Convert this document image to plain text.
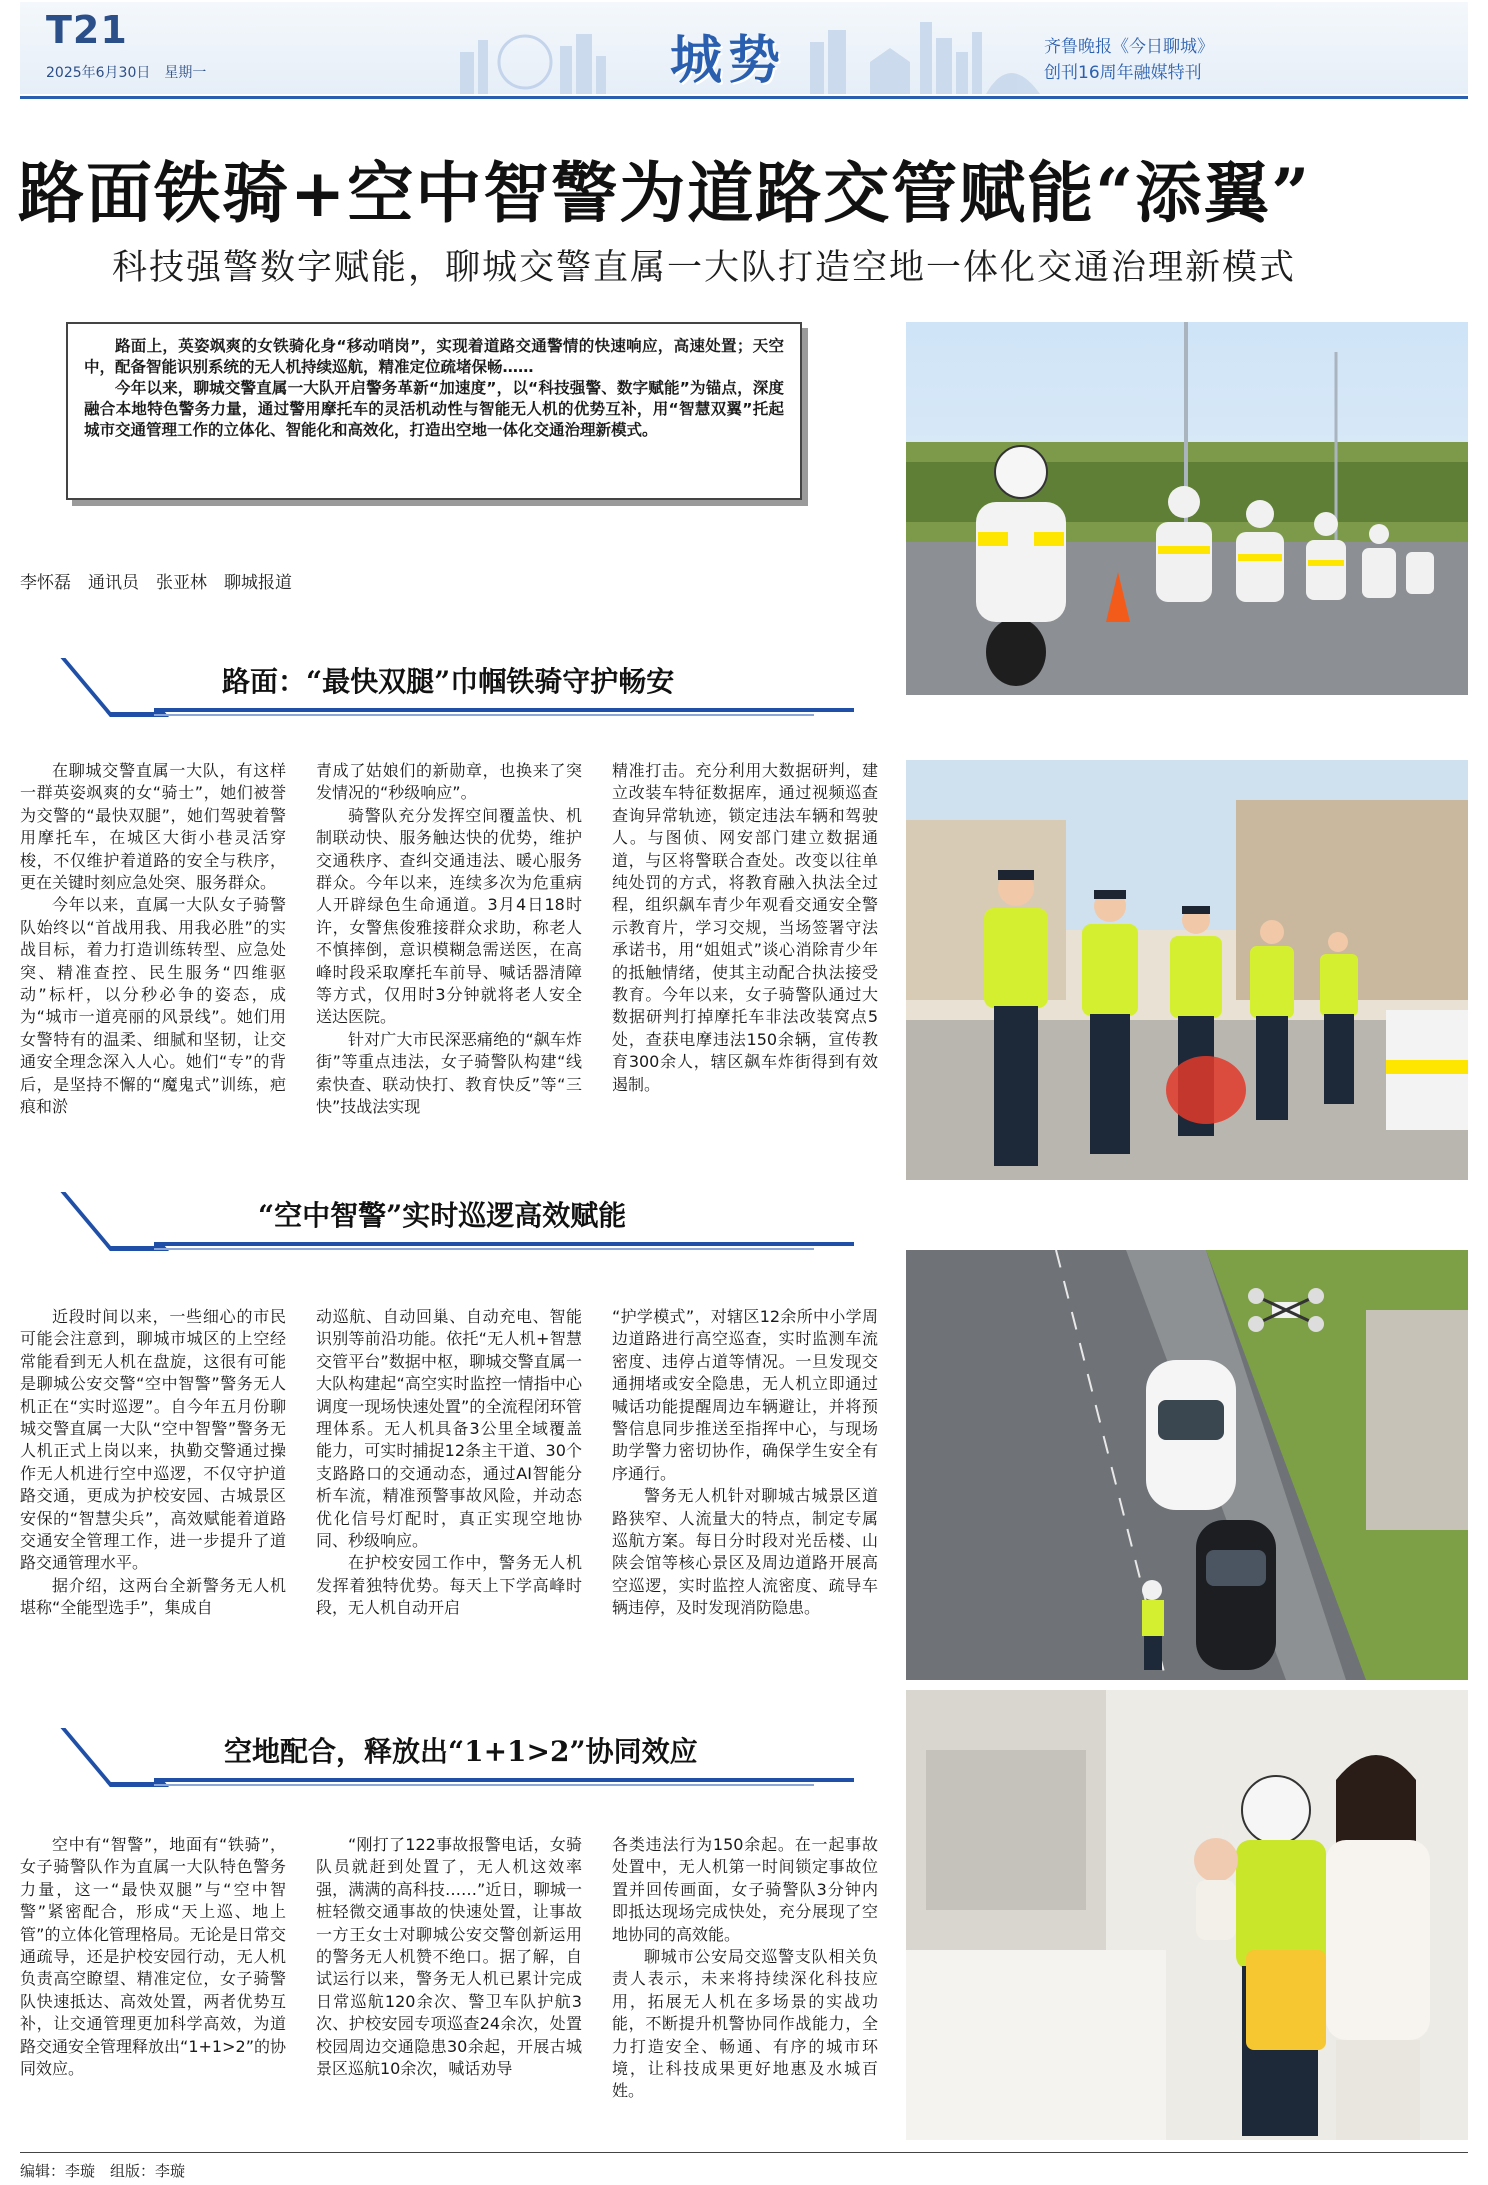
T21
2025年6月30日　星期一	城势	齐鲁晚报《今日聊城》
创刊16周年融媒特刊
路面铁骑+空中智警为道路交管赋能“添翼”
科技强警数字赋能，聊城交警直属一大队打造空地一体化交通治理新模式

路面上，英姿飒爽的女铁骑化身“移动哨岗”，实现着道路交通警情的快速响应，高速处置；天空中，配备智能识别系统的无人机持续巡航，精准定位疏堵保畅……

今年以来，聊城交警直属一大队开启警务革新“加速度”，以“科技强警、数字赋能”为锚点，深度融合本地特色警务力量，通过警用摩托车的灵活机动性与智能无人机的优势互补，用“智慧双翼”托起城市交通管理工作的立体化、智能化和高效化，打造出空地一体化交通治理新模式。

李怀磊　通讯员　张亚林　聊城报道
路面：“最快双腿”巾帼铁骑守护畅安

在聊城交警直属一大队，有这样一群英姿飒爽的女“骑士”，她们被誉为交警的“最快双腿”，她们驾驶着警用摩托车，在城区大街小巷灵活穿梭，不仅维护着道路的安全与秩序，更在关键时刻应急处突、服务群众。

今年以来，直属一大队女子骑警队始终以“首战用我、用我必胜”的实战目标，着力打造训练转型、应急处突、精准查控、民生服务“四维驱动”标杆，以分秒必争的姿态，成为“城市一道亮丽的风景线”。她们用女警特有的温柔、细腻和坚韧，让交通安全理念深入人心。她们“专”的背后，是坚持不懈的“魔鬼式”训练，疤痕和淤

青成了姑娘们的新勋章，也换来了突发情况的“秒级响应”。

骑警队充分发挥空间覆盖快、机制联动快、服务触达快的优势，维护交通秩序、查纠交通违法、暖心服务群众。今年以来，连续多次为危重病人开辟绿色生命通道。3月4日18时许，女警焦俊雅接群众求助，称老人不慎摔倒，意识模糊急需送医，在高峰时段采取摩托车前导、喊话器清障等方式，仅用时3分钟就将老人安全送达医院。

针对广大市民深恶痛绝的“飙车炸街”等重点违法，女子骑警队构建“线索快查、联动快打、教育快反”等“三快”技战法实现

精准打击。充分利用大数据研判，建立改装车特征数据库，通过视频巡查查询异常轨迹，锁定违法车辆和驾驶人。与图侦、网安部门建立数据通道，与区将警联合查处。改变以往单纯处罚的方式，将教育融入执法全过程，组织飙车青少年观看交通安全警示教育片，学习交规，当场签署守法承诺书，用“姐姐式”谈心消除青少年的抵触情绪，使其主动配合执法接受教育。今年以来，女子骑警队通过大数据研判打掉摩托车非法改装窝点5处，查获电摩违法150余辆，宣传教育300余人，辖区飙车炸街得到有效遏制。

“空中智警”实时巡逻高效赋能

近段时间以来，一些细心的市民可能会注意到，聊城市城区的上空经常能看到无人机在盘旋，这很有可能是聊城公安交警“空中智警”警务无人机正在“实时巡逻”。自今年五月份聊城交警直属一大队“空中智警”警务无人机正式上岗以来，执勤交警通过操作无人机进行空中巡逻，不仅守护道路交通，更成为护校安园、古城景区安保的“智慧尖兵”，高效赋能着道路交通安全管理工作，进一步提升了道路交通管理水平。

据介绍，这两台全新警务无人机堪称“全能型选手”，集成自

动巡航、自动回巢、自动充电、智能识别等前沿功能。依托“无人机+智慧交管平台”数据中枢，聊城交警直属一大队构建起“高空实时监控一情指中心调度一现场快速处置”的全流程闭环管理体系。无人机具备3公里全域覆盖能力，可实时捕捉12条主干道、30个支路路口的交通动态，通过AI智能分析车流，精准预警事故风险，并动态优化信号灯配时，真正实现空地协同、秒级响应。

在护校安园工作中，警务无人机发挥着独特优势。每天上下学高峰时段，无人机自动开启

“护学模式”，对辖区12余所中小学周边道路进行高空巡查，实时监测车流密度、违停占道等情况。一旦发现交通拥堵或安全隐患，无人机立即通过喊话功能提醒周边车辆避让，并将预警信息同步推送至指挥中心，与现场助学警力密切协作，确保学生安全有序通行。

警务无人机针对聊城古城景区道路狭窄、人流量大的特点，制定专属巡航方案。每日分时段对光岳楼、山陕会馆等核心景区及周边道路开展高空巡逻，实时监控人流密度、疏导车辆违停，及时发现消防隐患。

空地配合，释放出“1+1>2”协同效应

空中有“智警”，地面有“铁骑”，女子骑警队作为直属一大队特色警务力量，这一“最快双腿”与“空中智警”紧密配合，形成“天上巡、地上管”的立体化管理格局。无论是日常交通疏导，还是护校安园行动，无人机负责高空瞭望、精准定位，女子骑警队快速抵达、高效处置，两者优势互补，让交通管理更加科学高效，为道路交通安全管理释放出“1+1>2”的协同效应。

“刚打了122事故报警电话，女骑队员就赶到处置了，无人机这效率强，满满的高科技……”近日，聊城一桩轻微交通事故的快速处置，让事故一方王女士对聊城公安交警创新运用的警务无人机赞不绝口。据了解，自试运行以来，警务无人机已累计完成日常巡航120余次、警卫车队护航3次、护校安园专项巡查24余次，处置校园周边交通隐患30余起，开展古城景区巡航10余次，喊话劝导

各类违法行为150余起。在一起事故处置中，无人机第一时间锁定事故位置并回传画面，女子骑警队3分钟内即抵达现场完成快处，充分展现了空地协同的高效能。

聊城市公安局交巡警支队相关负责人表示，未来将持续深化科技应用，拓展无人机在多场景的实战功能，不断提升机警协同作战能力，全力打造安全、畅通、有序的城市环境，让科技成果更好地惠及水城百姓。

编辑：李璇　组版：李璇
